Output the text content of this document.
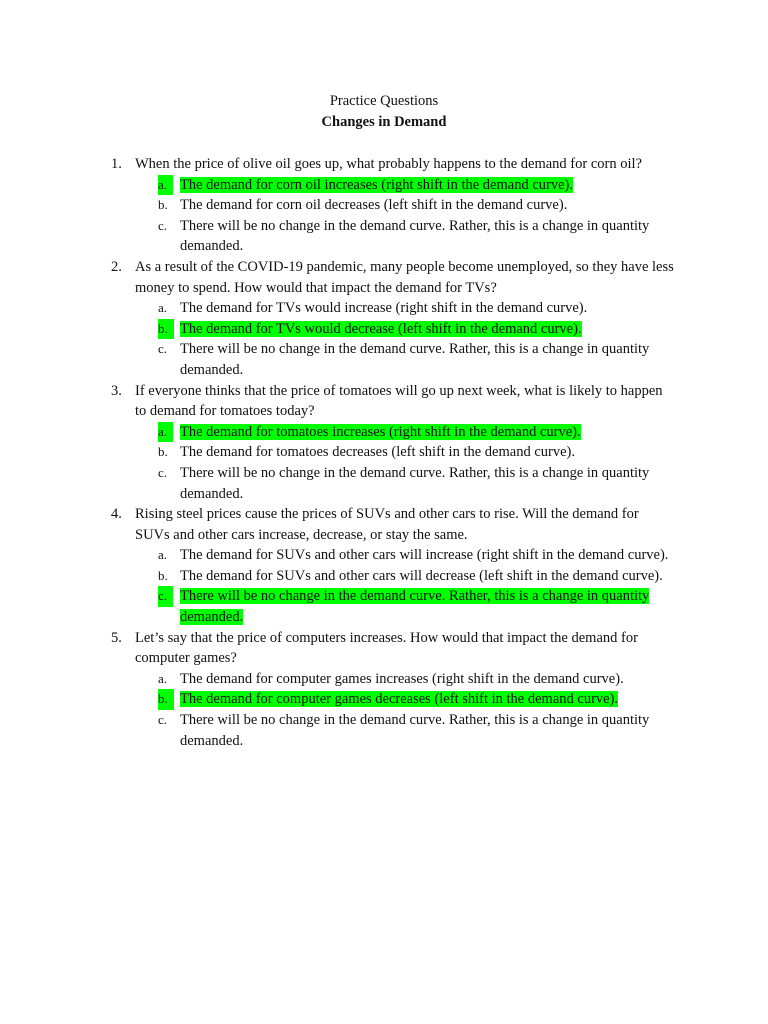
Practice Questions
Changes in Demand
1. When the price of olive oil goes up, what probably happens to the demand for corn oil?
a. The demand for corn oil increases (right shift in the demand curve).
b. The demand for corn oil decreases (left shift in the demand curve).
c. There will be no change in the demand curve. Rather, this is a change in quantity demanded.
2. As a result of the COVID-19 pandemic, many people become unemployed, so they have less money to spend. How would that impact the demand for TVs?
a. The demand for TVs would increase (right shift in the demand curve).
b. The demand for TVs would decrease (left shift in the demand curve).
c. There will be no change in the demand curve. Rather, this is a change in quantity demanded.
3. If everyone thinks that the price of tomatoes will go up next week, what is likely to happen to demand for tomatoes today?
a. The demand for tomatoes increases (right shift in the demand curve).
b. The demand for tomatoes decreases (left shift in the demand curve).
c. There will be no change in the demand curve. Rather, this is a change in quantity demanded.
4. Rising steel prices cause the prices of SUVs and other cars to rise. Will the demand for SUVs and other cars increase, decrease, or stay the same.
a. The demand for SUVs and other cars will increase (right shift in the demand curve).
b. The demand for SUVs and other cars will decrease (left shift in the demand curve).
c. There will be no change in the demand curve. Rather, this is a change in quantity demanded.
5. Let’s say that the price of computers increases. How would that impact the demand for computer games?
a. The demand for computer games increases (right shift in the demand curve).
b. The demand for computer games decreases (left shift in the demand curve).
c. There will be no change in the demand curve. Rather, this is a change in quantity demanded.
